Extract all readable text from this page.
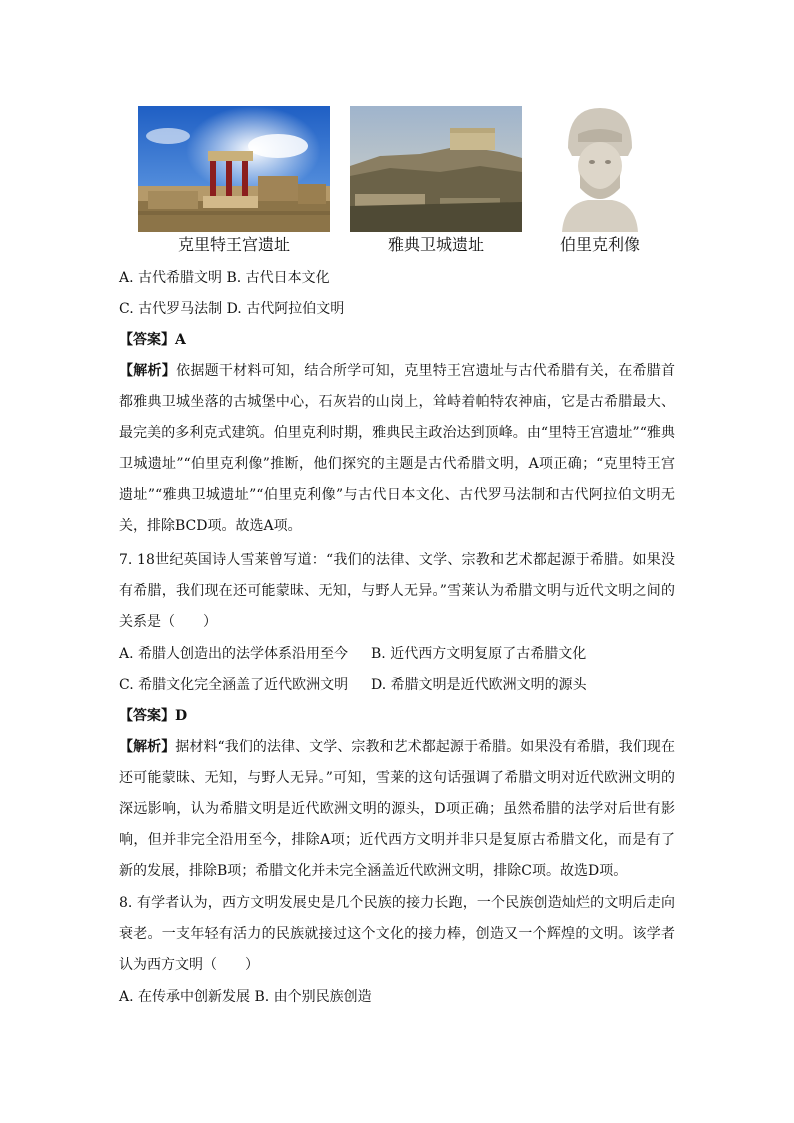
克里特王宫遗址	雅典卫城遗址	伯里克利像
A. 古代希腊文明 B. 古代日本文化
C. 古代罗马法制 D. 古代阿拉伯文明
【答案】A
【解析】依据题干材料可知，结合所学可知，克里特王宫遗址与古代希腊有关，在希腊首都雅典卫城坐落的古城堡中心，石灰岩的山岗上，耸峙着帕特农神庙，它是古希腊最大、最完美的多利克式建筑。伯里克利时期，雅典民主政治达到顶峰。由“里特王宫遗址”“雅典卫城遗址”“伯里克利像”推断，他们探究的主题是古代希腊文明，A项正确；“克里特王宫遗址”“雅典卫城遗址”“伯里克利像”与古代日本文化、古代罗马法制和古代阿拉伯文明无关，排除BCD项。故选A项。
7. 18世纪英国诗人雪莱曾写道：“我们的法律、文学、宗教和艺术都起源于希腊。如果没有希腊，我们现在还可能蒙昧、无知，与野人无异。”雪莱认为希腊文明与近代文明之间的关系是（　　）
A. 希腊人创造出的法学体系沿用至今 B. 近代西方文明复原了古希腊文化
C. 希腊文化完全涵盖了近代欧洲文明 D. 希腊文明是近代欧洲文明的源头
【答案】D
【解析】据材料“我们的法律、文学、宗教和艺术都起源于希腊。如果没有希腊，我们现在还可能蒙昧、无知，与野人无异。”可知，雪莱的这句话强调了希腊文明对近代欧洲文明的深远影响，认为希腊文明是近代欧洲文明的源头，D项正确；虽然希腊的法学对后世有影响，但并非完全沿用至今，排除A项；近代西方文明并非只是复原古希腊文化，而是有了新的发展，排除B项；希腊文化并未完全涵盖近代欧洲文明，排除C项。故选D项。
8. 有学者认为，西方文明发展史是几个民族的接力长跑，一个民族创造灿烂的文明后走向衰老。一支年轻有活力的民族就接过这个文化的接力棒，创造又一个辉煌的文明。该学者认为西方文明（　　）
A. 在传承中创新发展 B. 由个别民族创造
